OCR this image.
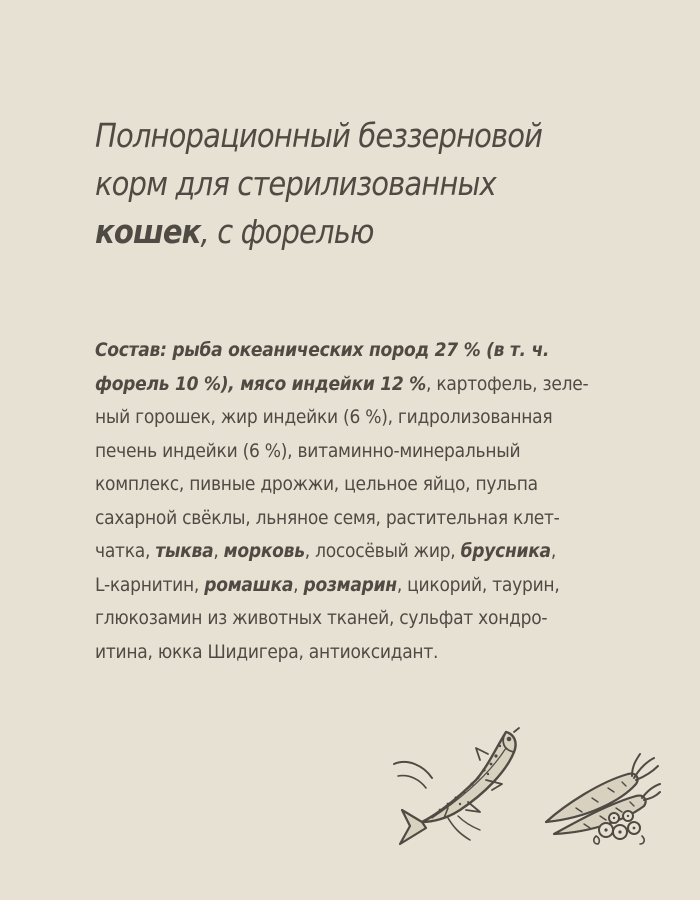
Полнорационный беззерновой
корм для стерилизованных
кошек, с форелью

Состав: рыба океанических пород 27 % (в т. ч.
форель 10 %), мясо индейки 12 %, картофель, зеле-
ный горошек, жир индейки (6 %), гидролизованная
печень индейки (6 %), витаминно-минеральный
комплекс, пивные дрожжи, цельное яйцо, пульпа
сахарной свёклы, льняное семя, растительная клет-
чатка, тыква, морковь, лососёвый жир, брусника,
L-карнитин, ромашка, розмарин, цикорий, таурин,
глюкозамин из животных тканей, сульфат хондро-
итина, юкка Шидигера, антиоксидант.
